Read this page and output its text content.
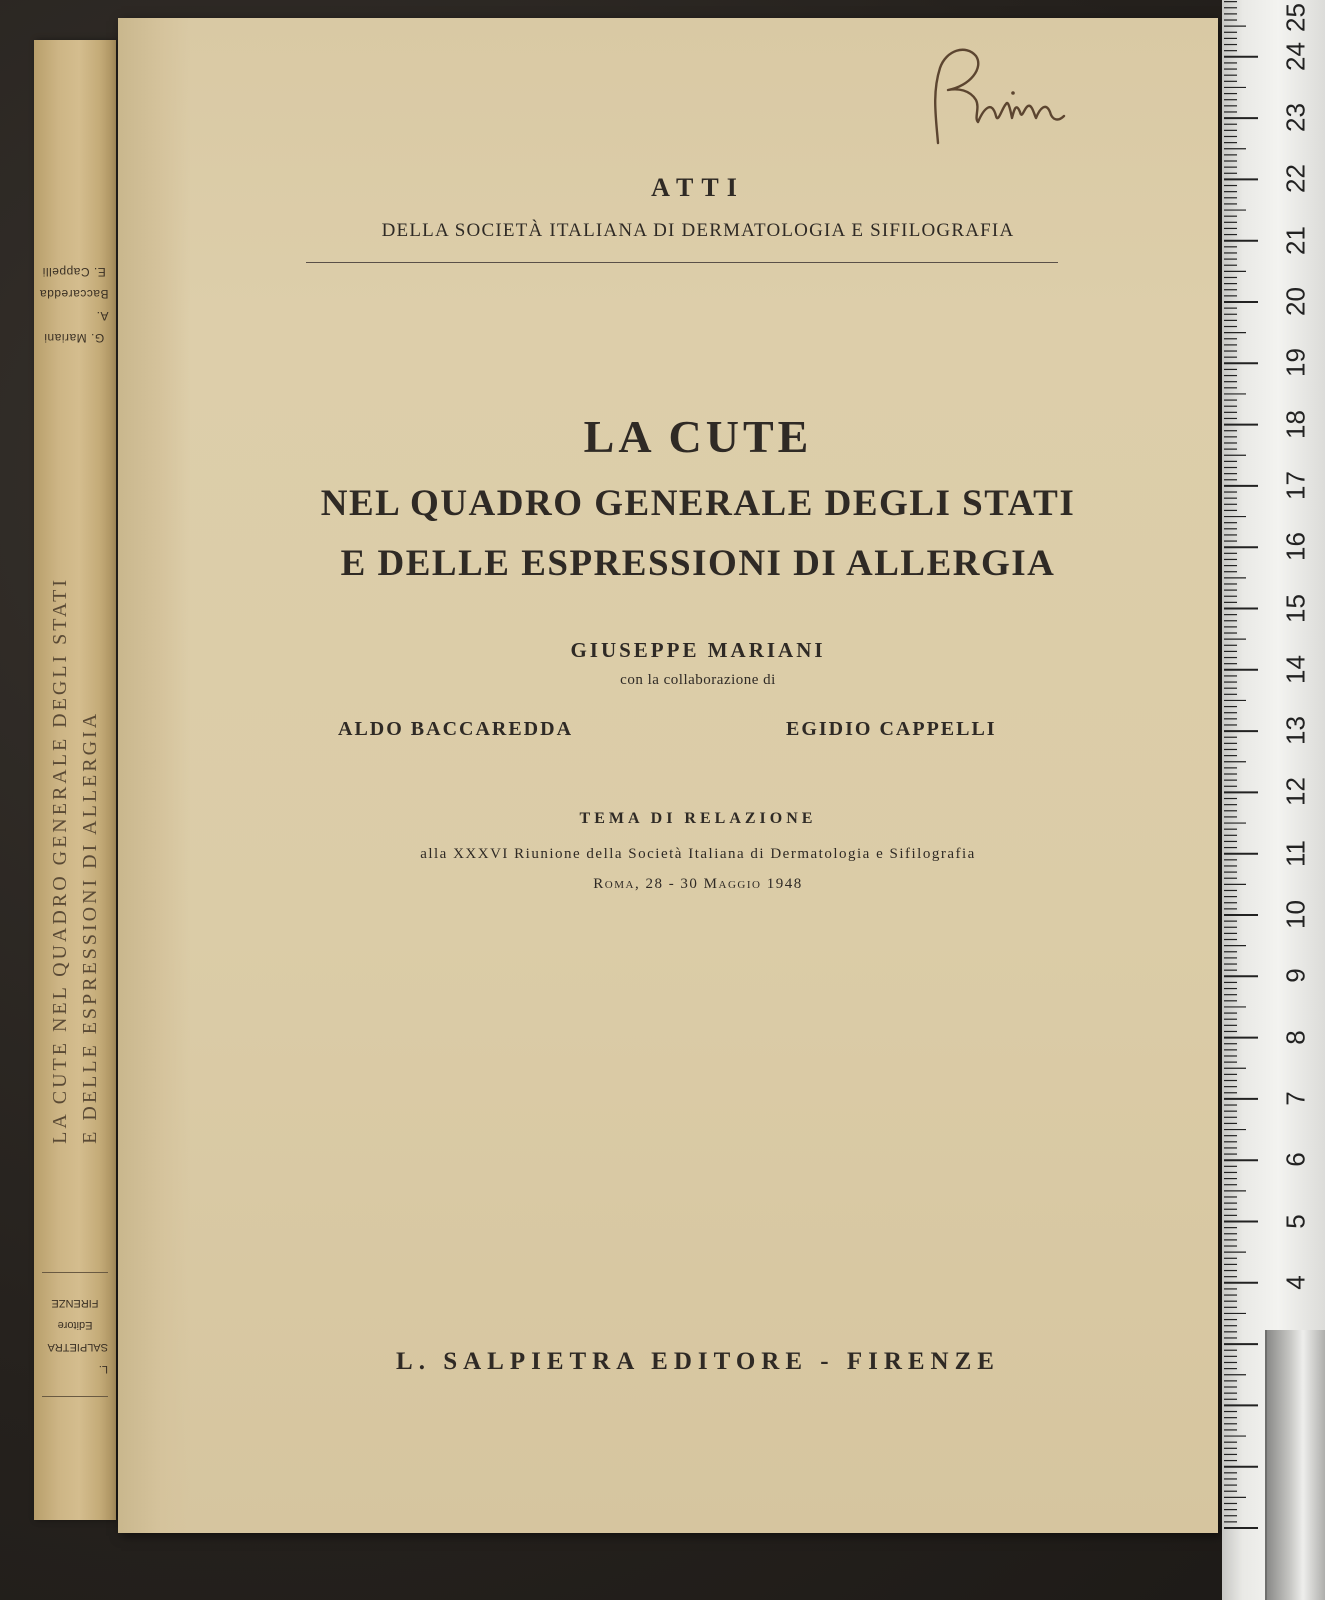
G. Mariani
A. Baccaredda
E. Cappelli
LA CUTE NEL QUADRO GENERALE DEGLI STATI E DELLE ESPRESSIONI DI ALLERGIA
L. SALPIETRA
Editore
FIRENZE
ATTI
DELLA SOCIETÀ ITALIANA DI DERMATOLOGIA E SIFILOGRAFIA
LA CUTE
NEL QUADRO GENERALE DEGLI STATI
E DELLE ESPRESSIONI DI ALLERGIA
GIUSEPPE MARIANI
con la collaborazione di
ALDO BACCAREDDA	EGIDIO CAPPELLI
TEMA DI RELAZIONE
alla XXXVI Riunione della Società Italiana di Dermatologia e Sifilografia
Roma, 28 - 30 Maggio 1948
L. SALPIETRA EDITORE - FIRENZE
4
5
6
7
8
9
10
11
12
13
14
15
16
17
18
19
20
21
22
23
24
25
